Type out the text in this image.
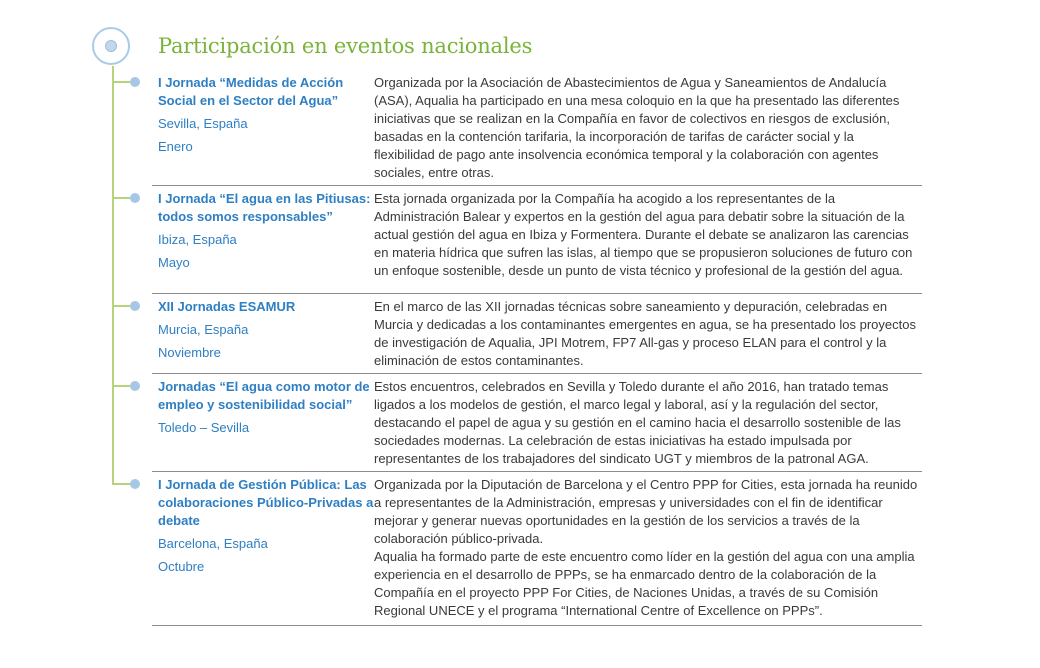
Participación en eventos nacionales

I Jornada “Medidas de Acción Social en el Sector del Agua”

Sevilla, España
Enero

Organizada por la Asociación de Abastecimientos de Agua y Saneamientos de Andalucía (ASA), Aqualia ha participado en una mesa coloquio en la que ha presentado las diferentes iniciativas que se realizan en la Compañía en favor de colectivos en riesgos de exclusión, basadas en la contención tarifaria, la incorporación de tarifas de carácter social y la flexibilidad de pago ante insolvencia económica temporal y la colaboración con agentes sociales, entre otras.

I Jornada “El agua en las Pitiusas: todos somos responsables”

Ibiza, España
Mayo

Esta jornada organizada por la Compañía ha acogido a los representantes de la Administración Balear y expertos en la gestión del agua para debatir sobre la situación de la actual gestión del agua en Ibiza y Formentera. Durante el debate se analizaron las carencias en materia hídrica que sufren las islas, al tiempo que se propusieron soluciones de futuro con un enfoque sostenible, desde un punto de vista técnico y profesional de la gestión del agua.

XII Jornadas ESAMUR

Murcia, España
Noviembre

En el marco de las XII jornadas técnicas sobre saneamiento y depuración, celebradas en Murcia y dedicadas a los contaminantes emergentes en agua, se ha presentado los proyectos de investigación de Aqualia, JPI Motrem, FP7 All-gas y proceso ELAN para el control y la eliminación de estos contaminantes.

Jornadas “El agua como motor de empleo y sostenibilidad social”

Toledo – Sevilla

Estos encuentros, celebrados en Sevilla y Toledo durante el año 2016, han tratado temas ligados a los modelos de gestión, el marco legal y laboral, así y la regulación del sector, destacando el papel de agua y su gestión en el camino hacia el desarrollo sostenible de las sociedades modernas. La celebración de estas iniciativas ha estado impulsada por representantes de los trabajadores del sindicato UGT y miembros de la patronal AGA.

I Jornada de Gestión Pública: Las colaboraciones Público-Privadas a debate

Barcelona, España
Octubre

Organizada por la Diputación de Barcelona y el Centro PPP for Cities, esta jornada ha reunido a representantes de la Administración, empresas y universidades con el fin de identificar mejorar y generar nuevas oportunidades en la gestión de los servicios a través de la colaboración público-privada.

Aqualia ha formado parte de este encuentro como líder en la gestión del agua con una amplia experiencia en el desarrollo de PPPs, se ha enmarcado dentro de la colaboración de la Compañía en el proyecto PPP For Cities, de Naciones Unidas, a través de su Comisión Regional UNECE y el programa “International Centre of Excellence on PPPs”.
